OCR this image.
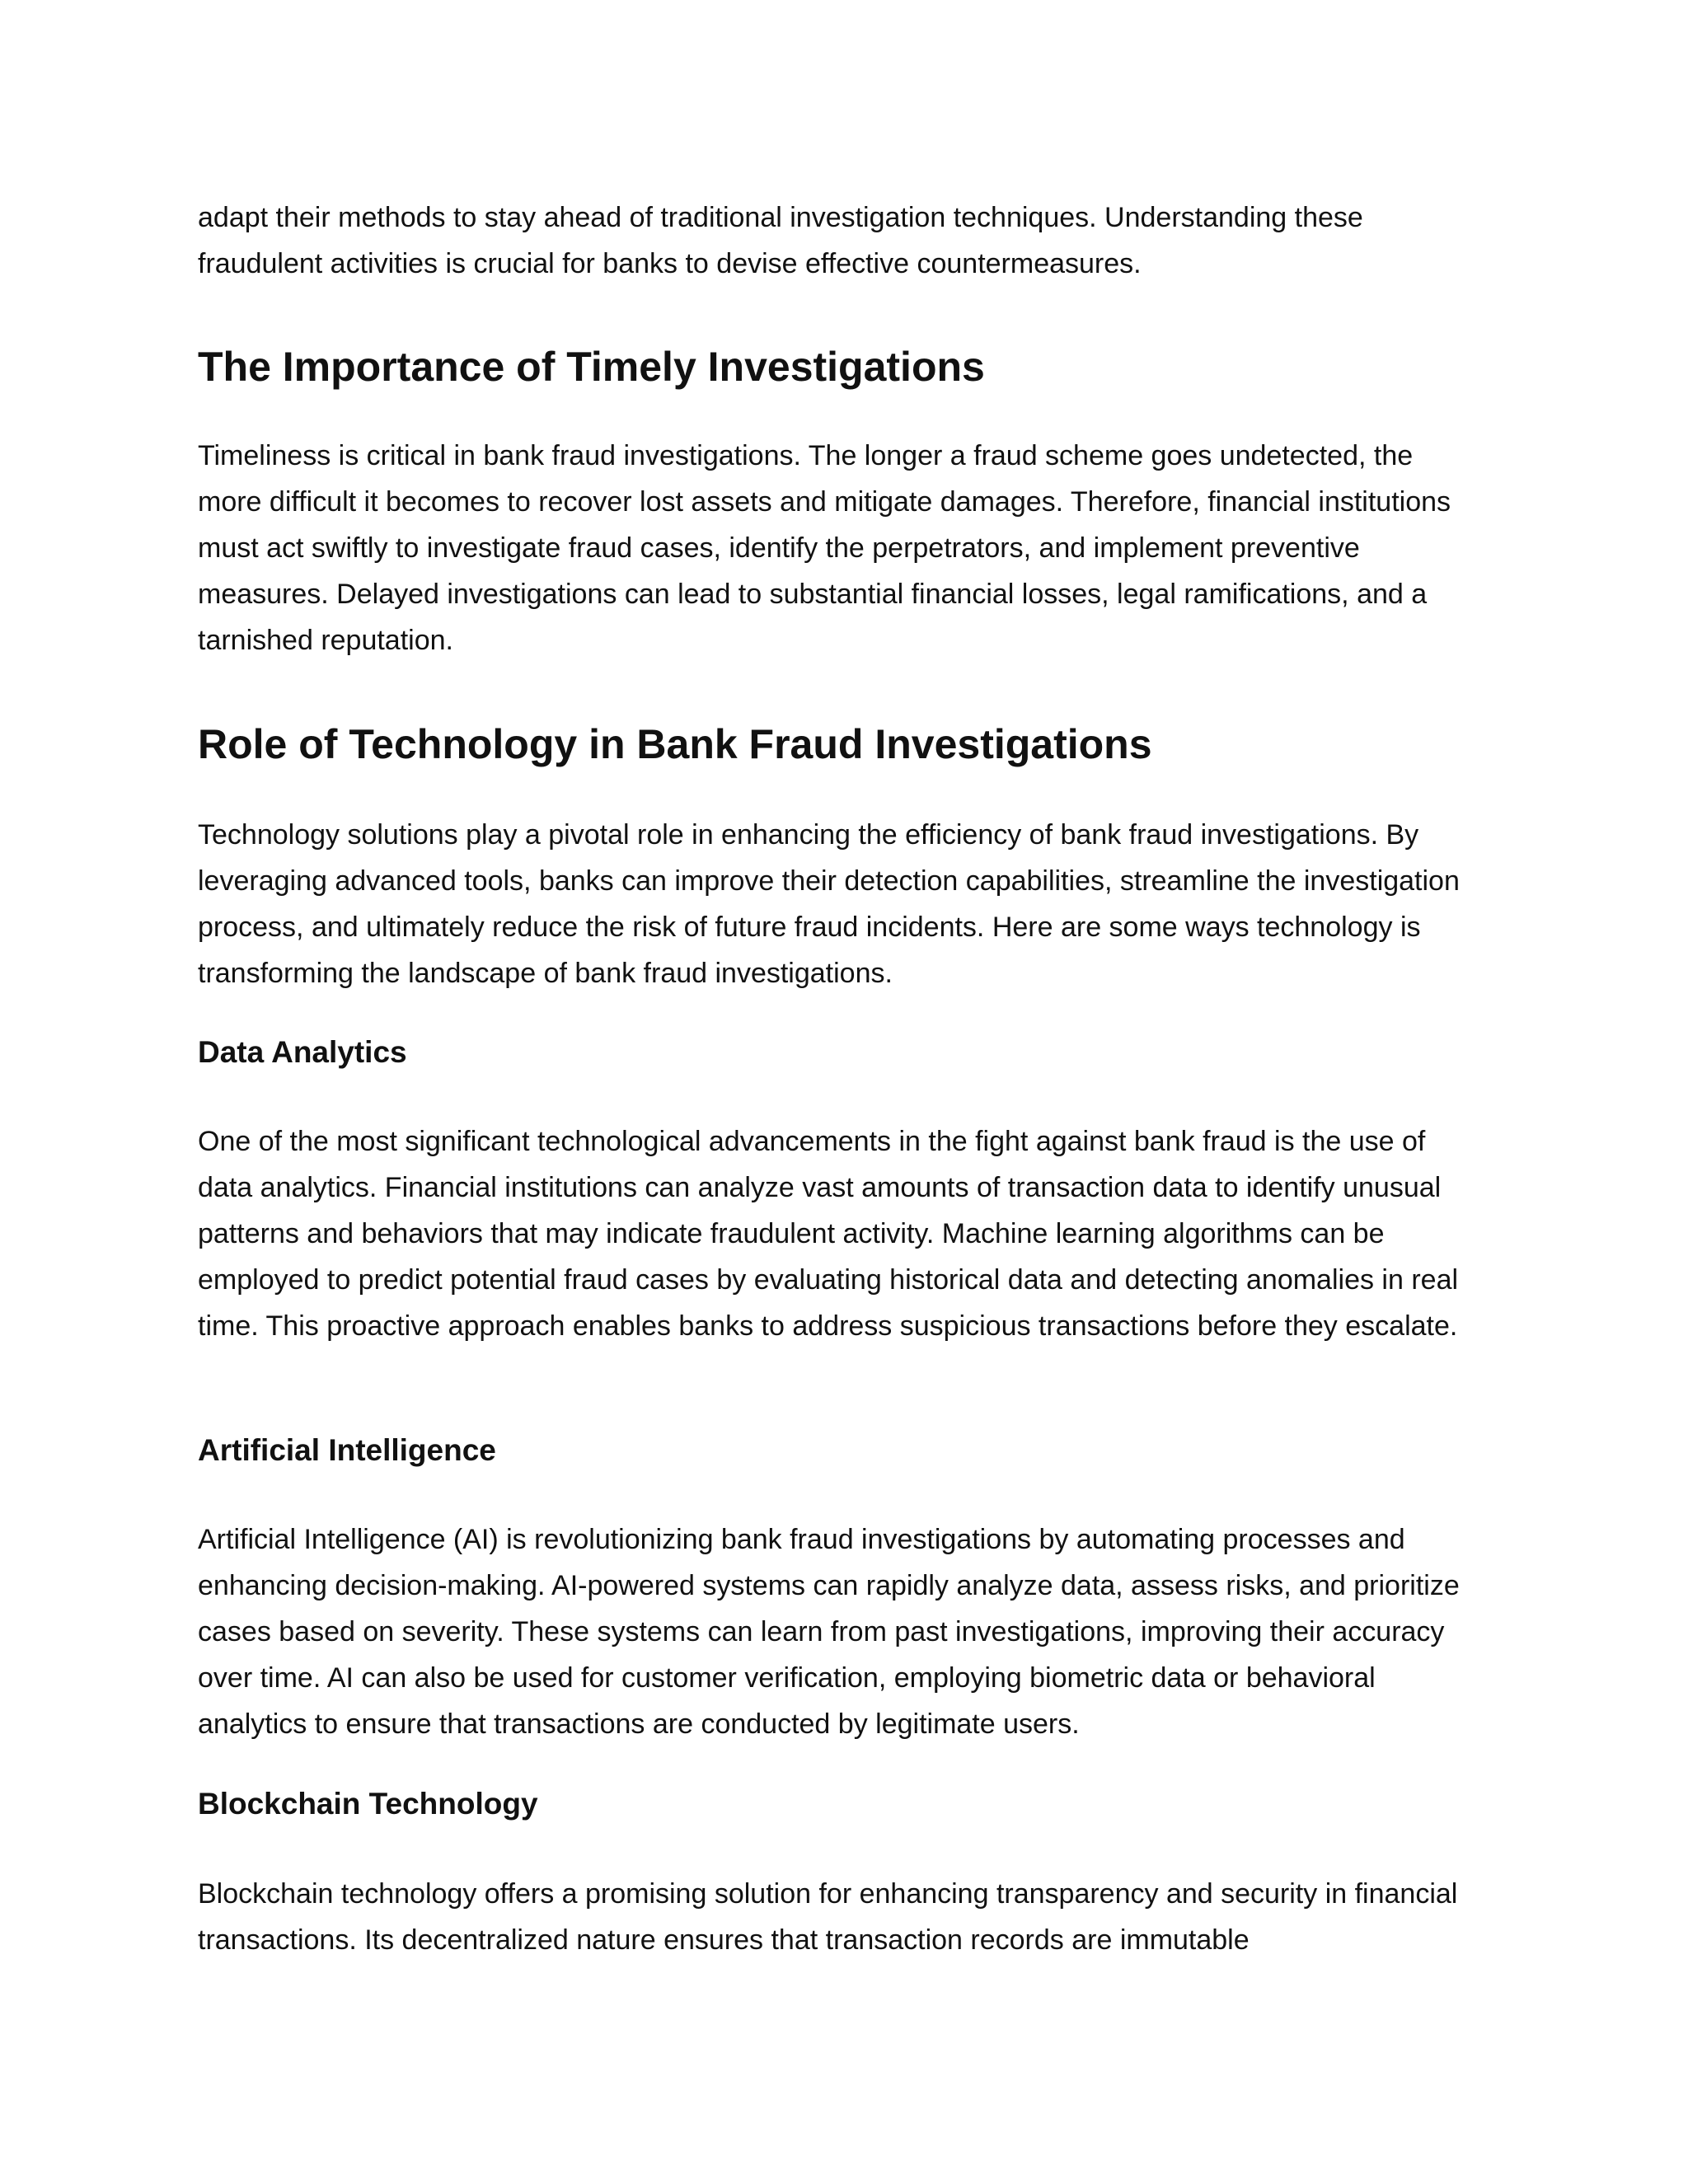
adapt their methods to stay ahead of traditional investigation techniques. Understanding these fraudulent activities is crucial for banks to devise effective countermeasures.

The Importance of Timely Investigations

Timeliness is critical in bank fraud investigations. The longer a fraud scheme goes undetected, the more difficult it becomes to recover lost assets and mitigate damages. Therefore, financial institutions must act swiftly to investigate fraud cases, identify the perpetrators, and implement preventive measures. Delayed investigations can lead to substantial financial losses, legal ramifications, and a tarnished reputation.

Role of Technology in Bank Fraud Investigations

Technology solutions play a pivotal role in enhancing the efficiency of bank fraud investigations. By leveraging advanced tools, banks can improve their detection capabilities, streamline the investigation process, and ultimately reduce the risk of future fraud incidents. Here are some ways technology is transforming the landscape of bank fraud investigations.

Data Analytics

One of the most significant technological advancements in the fight against bank fraud is the use of data analytics. Financial institutions can analyze vast amounts of transaction data to identify unusual patterns and behaviors that may indicate fraudulent activity. Machine learning algorithms can be employed to predict potential fraud cases by evaluating historical data and detecting anomalies in real time. This proactive approach enables banks to address suspicious transactions before they escalate.

Artificial Intelligence

Artificial Intelligence (AI) is revolutionizing bank fraud investigations by automating processes and enhancing decision-making. AI-powered systems can rapidly analyze data, assess risks, and prioritize cases based on severity. These systems can learn from past investigations, improving their accuracy over time. AI can also be used for customer verification, employing biometric data or behavioral analytics to ensure that transactions are conducted by legitimate users.

Blockchain Technology

Blockchain technology offers a promising solution for enhancing transparency and security in financial transactions. Its decentralized nature ensures that transaction records are immutable
